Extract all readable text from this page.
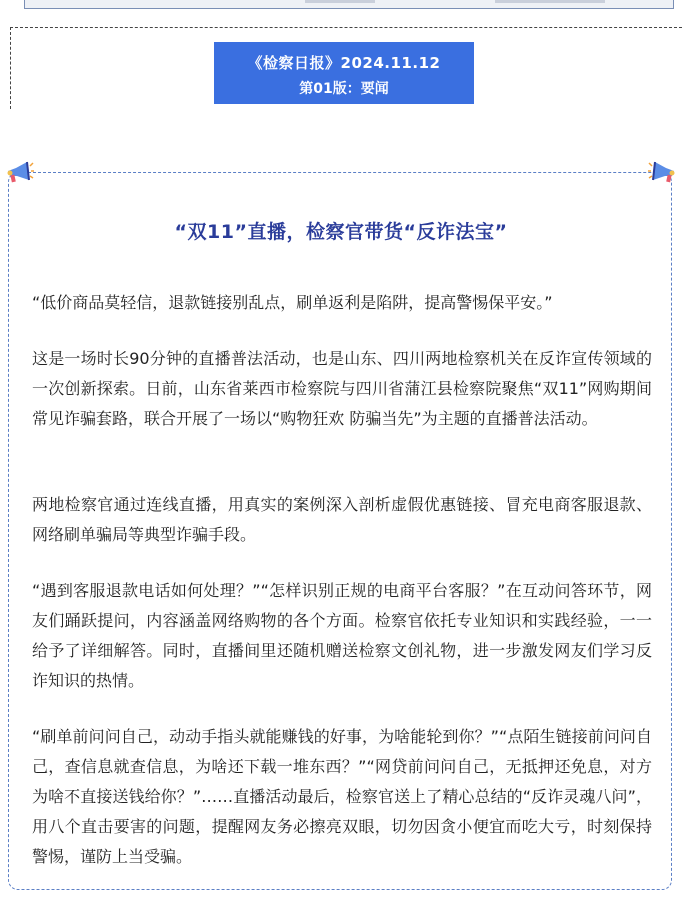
《检察日报》2024.11.12
第01版：要闻
“双11”直播，检察官带货“反诈法宝”

“低价商品莫轻信，退款链接别乱点，刷单返利是陷阱，提高警惕保平安。”

这是一场时长90分钟的直播普法活动，也是山东、四川两地检察机关在反诈宣传领域的一次创新探索。日前，山东省莱西市检察院与四川省蒲江县检察院聚焦“双11”网购期间常见诈骗套路，联合开展了一场以“购物狂欢 防骗当先”为主题的直播普法活动。

两地检察官通过连线直播，用真实的案例深入剖析虚假优惠链接、冒充电商客服退款、网络刷单骗局等典型诈骗手段。

“遇到客服退款电话如何处理？”“怎样识别正规的电商平台客服？”在互动问答环节，网友们踊跃提问，内容涵盖网络购物的各个方面。检察官依托专业知识和实践经验，一一给予了详细解答。同时，直播间里还随机赠送检察文创礼物，进一步激发网友们学习反诈知识的热情。

“刷单前问问自己，动动手指头就能赚钱的好事，为啥能轮到你？”“点陌生链接前问问自己，查信息就查信息，为啥还下载一堆东西？”“网贷前问问自己，无抵押还免息，对方为啥不直接送钱给你？”……直播活动最后，检察官送上了精心总结的“反诈灵魂八问”，用八个直击要害的问题，提醒网友务必擦亮双眼，切勿因贪小便宜而吃大亏，时刻保持警惕，谨防上当受骗。
